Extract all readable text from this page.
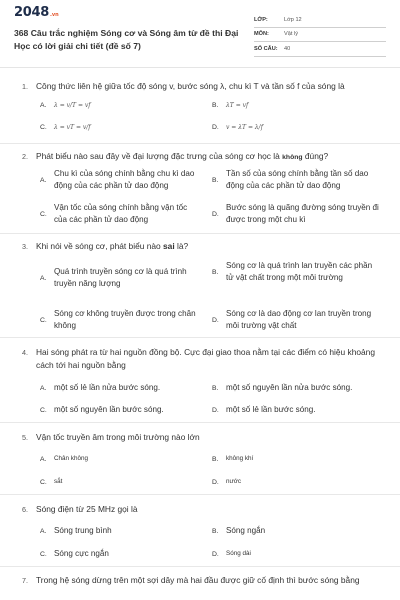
2048.vn
368 Câu trắc nghiệm Sóng cơ và Sóng âm từ đề thi Đại Học có lời giải chi tiết (đề số 7)
LỚP:	Lớp 12
MÔN:	Vật lý
SỐ CÂU:	40
1. Công thức liên hệ giữa tốc độ sóng v, bước sóng λ, chu kì T và tần số f của sóng là
A.	λ = v/T = vf	B.	λT = vf
C.	λ = vT = v/f	D.	v = λT = λ/f
2. Phát biểu nào sau đây về đại lượng đặc trưng của sóng cơ học là không đúng?
A.
Chu kì của sóng chính bằng chu kì dao động của các phần tử dao động
B.
Tần số của sóng chính bằng tần số dao động của các phần tử dao động
C.
Vận tốc của sóng chính bằng vận tốc của các phần tử dao động
D.
Bước sóng là quãng đường sóng truyền đi được trong một chu kì
3. Khi nói về sóng cơ, phát biểu nào sai là?
A.
Quá trình truyền sóng cơ là quá trình truyền năng lượng
B.
Sóng cơ là quá trình lan truyền các phần tử vật chất trong một môi trường
C.
Sóng cơ không truyền được trong chân không
D.
Sóng cơ là dao động cơ lan truyền trong môi trường vật chất
4. Hai sóng phát ra từ hai nguồn đồng bộ. Cực đại giao thoa nằm tại các điểm có hiệu khoảng cách tới hai nguồn bằng
A. một số lẻ lần nửa bước sóng.	B. một số nguyên lần nửa bước sóng.
C. một số nguyên lần bước sóng.	D. một số lẻ lần bước sóng.
5. Vận tốc truyền âm trong môi trường nào lớn
A.	Chân không	B.	không khí
C.	sắt	D.	nước
6. Sóng điện từ 25 MHz gọi là
A. Sóng trung bình	B. Sóng ngắn
C. Sóng cực ngắn	D.	Sóng dài
7. Trong hệ sóng dừng trên một sợi dây mà hai đầu được giữ cố định thì bước sóng bằng
